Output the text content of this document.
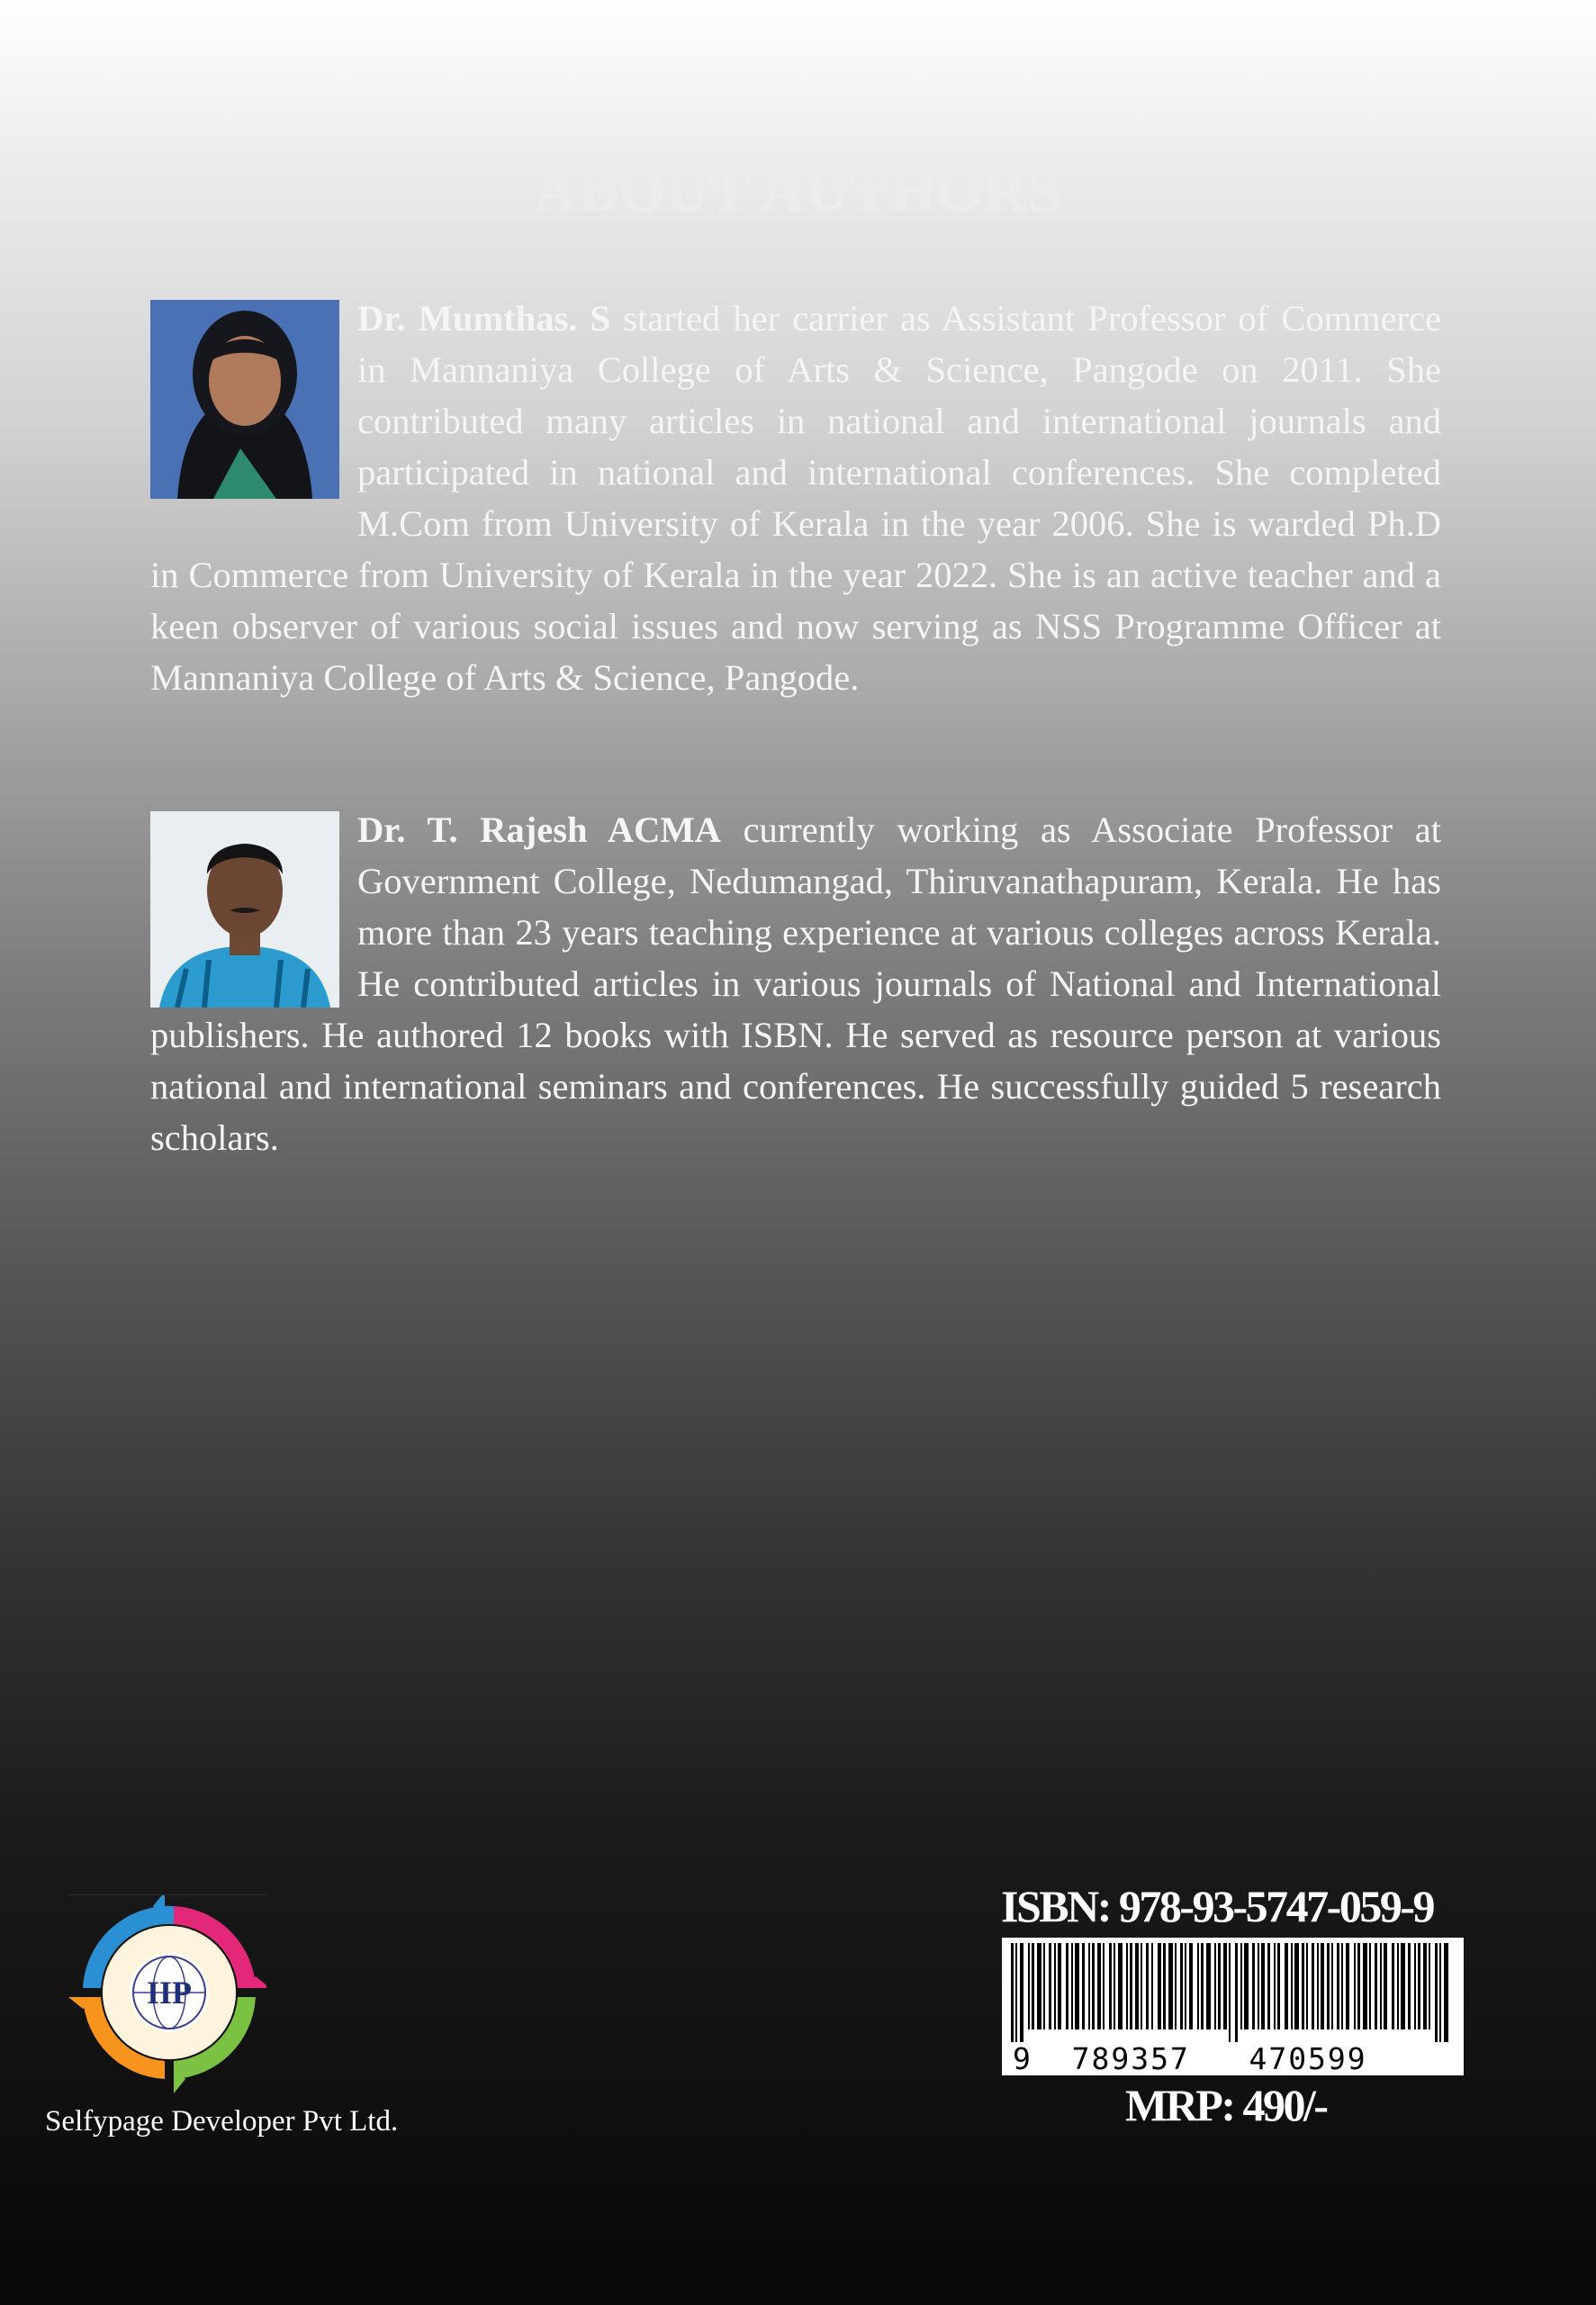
ABOUT AUTHORS
Dr. Mumthas. S started her carrier as Assistant Professor of Commerce in Mannaniya College of Arts & Science, Pangode on 2011. She contributed many articles in national and international journals and participated in national and international conferences. She completed M.Com from University of Kerala in the year 2006. She is warded Ph.D in Commerce from University of Kerala in the year 2022. She is an active teacher and a keen observer of various social issues and now serving as NSS Programme Officer at Mannaniya College of Arts & Science, Pangode.
Dr. T. Rajesh ACMA currently working as Associate Professor at Government College, Nedumangad, Thiruvanathapuram, Kerala. He has more than 23 years teaching experience at various colleges across Kerala. He contributed articles in various journals of National and International publishers. He authored 12 books with ISBN. He served as resource person at various national and international seminars and conferences. He successfully guided 5 research scholars.
IIP
Selfypage Developer Pvt Ltd.
ISBN: 978-93-5747-059-9
9 789357 470599
MRP: 490/-
